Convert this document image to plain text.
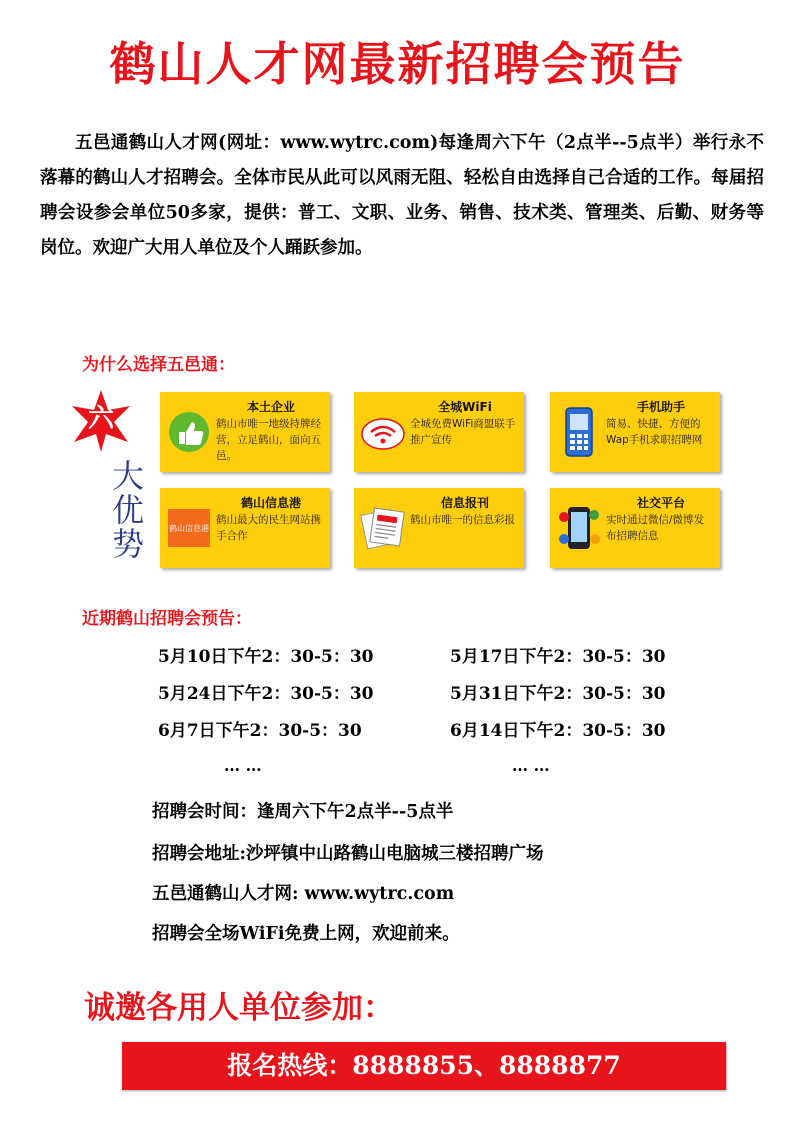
鹤山人才网最新招聘会预告
五邑通鹤山人才网(网址：www.wytrc.com)每逢周六下午（2点半--5点半）举行永不落幕的鹤山人才招聘会。全体市民从此可以风雨无阻、轻松自由选择自己合适的工作。每届招聘会设参会单位50多家，提供：普工、文职、业务、销售、技术类、管理类、后勤、财务等岗位。欢迎广大用人单位及个人踊跃参加。
为什么选择五邑通：
六
大
优
势
本土企业
鹤山市唯一地级持牌经营，立足鹤山，面向五邑。
全城WiFi
全城免费WiFi商盟联手推广宣传
手机助手
简易、快捷、方便的Wap手机求职招聘网
鹤山信息港
鹤山信息港
鹤山最大的民生网站携手合作
信息报刊
鹤山市唯一的信息彩报
社交平台
实时通过微信/微博发布招聘信息
近期鹤山招聘会预告：
5月10日下午2：30-5：30	5月17日下午2：30-5：30
5月24日下午2：30-5：30	5月31日下午2：30-5：30
6月7日下午2：30-5：30	6月14日下午2：30-5：30
… …	… …
招聘会时间：逢周六下午2点半--5点半
招聘会地址:沙坪镇中山路鹤山电脑城三楼招聘广场
五邑通鹤山人才网: www.wytrc.com
招聘会全场WiFi免费上网，欢迎前来。
诚邀各用人单位参加：
报名热线：8888855、8888877
